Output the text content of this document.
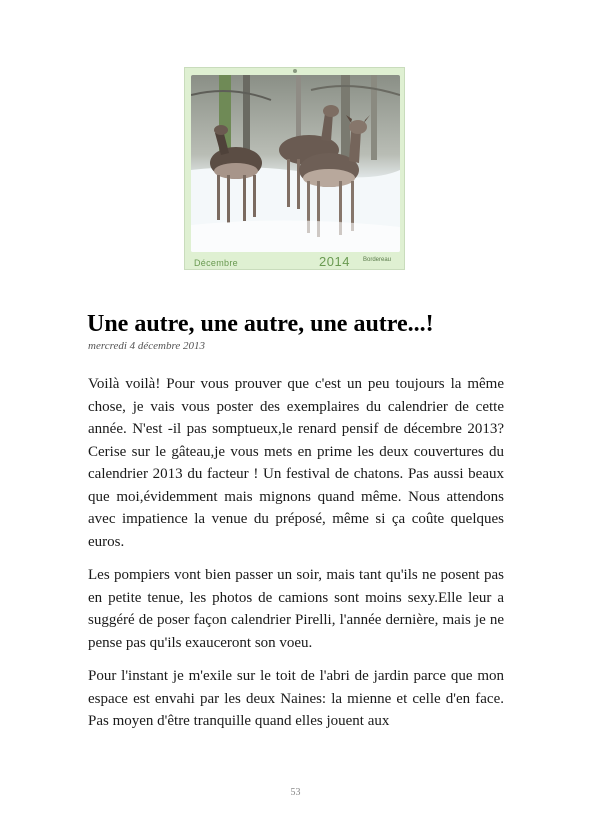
Décembre	2014 Bordereau
Une autre, une autre, une autre...!
mercredi 4 décembre 2013

Voilà voilà! Pour vous prouver que c'est un peu toujours la même chose, je vais vous poster des exemplaires du calendrier de cette année. N'est -il pas somptueux,le renard pensif de décembre 2013?Cerise sur le gâteau,je vous mets en prime les deux couvertures du calendrier 2013 du facteur ! Un festival de chatons. Pas aussi beaux que moi,évidemment mais mignons quand même. Nous attendons avec impatience la venue du préposé, même si ça coûte quelques euros.

Les pompiers vont bien passer un soir, mais tant qu'ils ne posent pas en petite tenue, les photos de camions sont moins sexy.Elle leur a suggéré de poser façon calendrier Pirelli, l'année dernière, mais je ne pense pas qu'ils exauceront son voeu.

Pour l'instant je m'exile sur le toit de l'abri de jardin parce que mon espace est envahi par les deux Naines: la mienne et celle d'en face. Pas moyen d'être tranquille quand elles jouent aux

53
